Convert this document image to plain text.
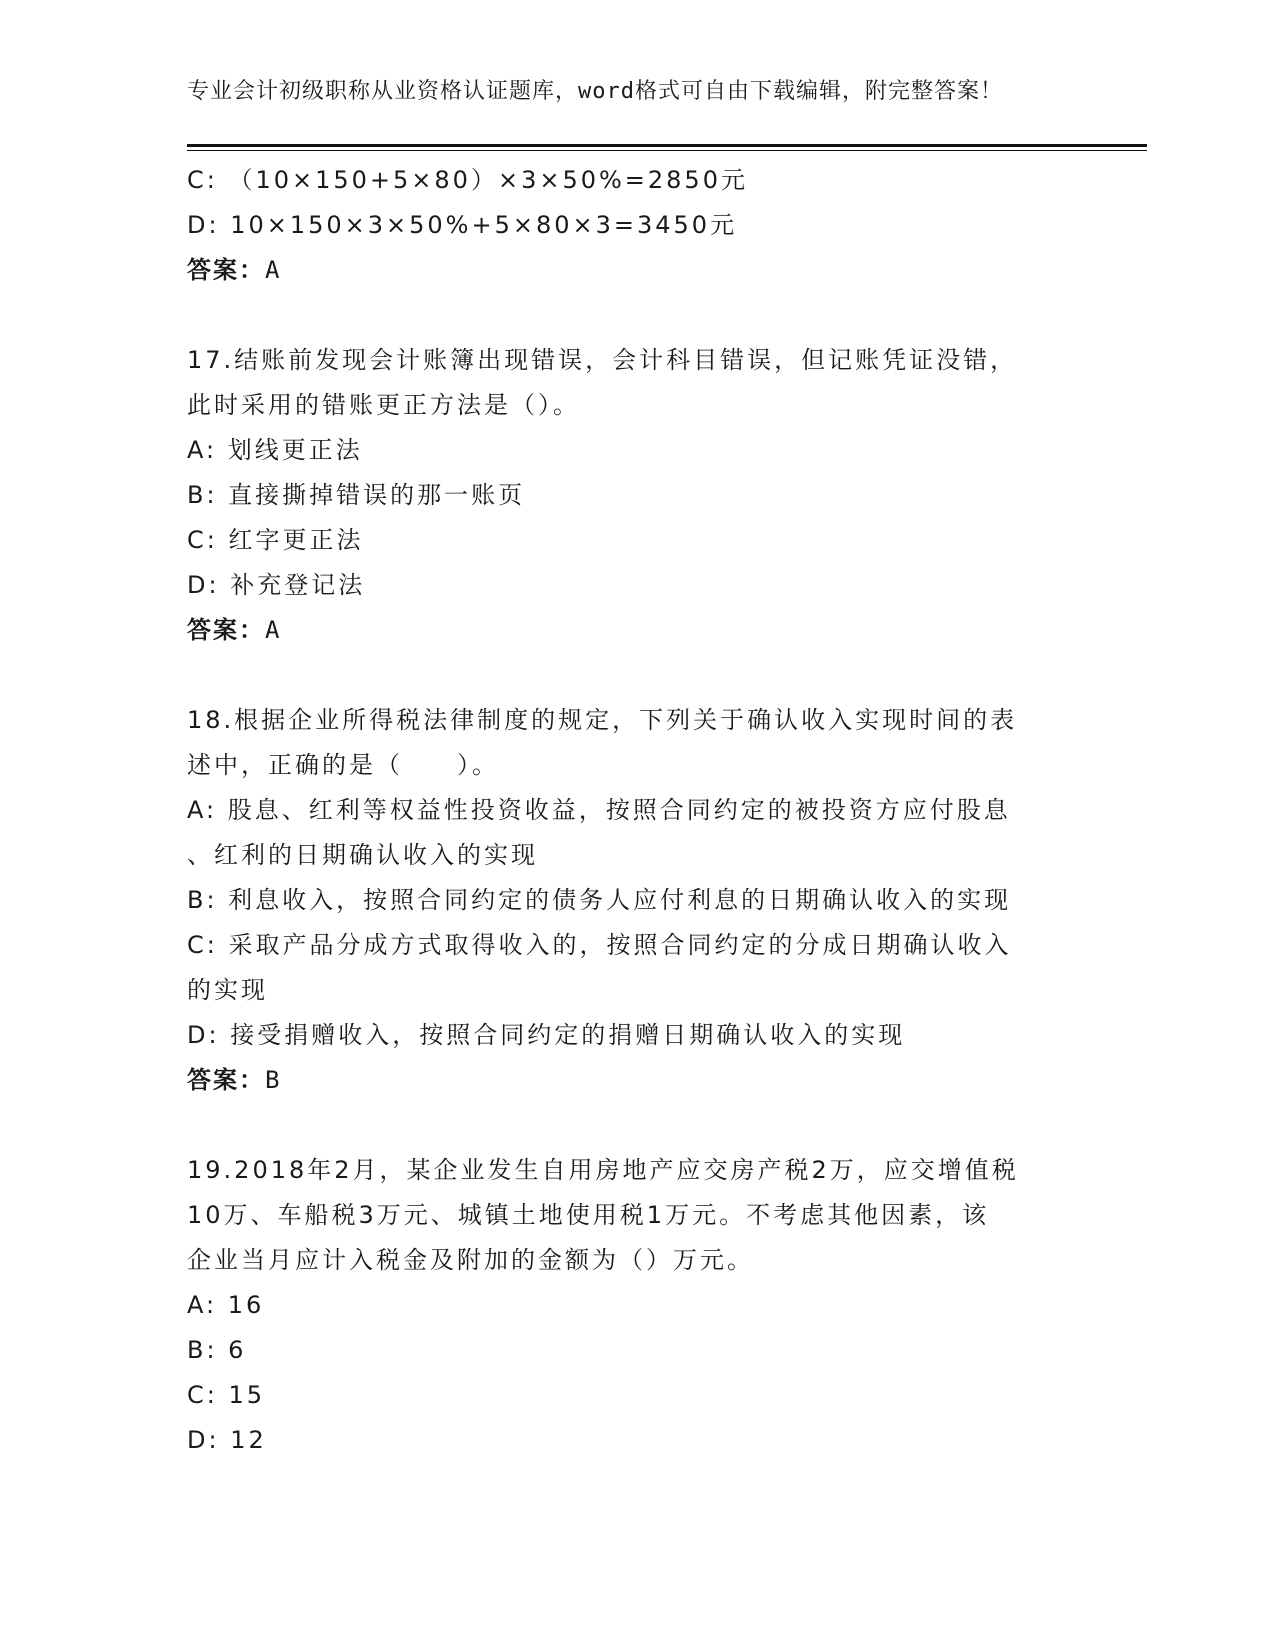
专业会计初级职称从业资格认证题库，word格式可自由下载编辑，附完整答案！
C: （10×150+5×80）×3×50%=2850元
D: 10×150×3×50%+5×80×3=3450元
答案：A
17.结账前发现会计账簿出现错误，会计科目错误，但记账凭证没错，
此时采用的错账更正方法是（）。
A: 划线更正法
B: 直接撕掉错误的那一账页
C: 红字更正法
D: 补充登记法
答案：A
18.根据企业所得税法律制度的规定，下列关于确认收入实现时间的表
述中，正确的是（　　）。
A: 股息、红利等权益性投资收益，按照合同约定的被投资方应付股息
、红利的日期确认收入的实现
B: 利息收入，按照合同约定的债务人应付利息的日期确认收入的实现
C: 采取产品分成方式取得收入的，按照合同约定的分成日期确认收入
的实现
D: 接受捐赠收入，按照合同约定的捐赠日期确认收入的实现
答案：B
19.2018年2月，某企业发生自用房地产应交房产税2万，应交增值税
10万、车船税3万元、城镇土地使用税1万元。不考虑其他因素，该
企业当月应计入税金及附加的金额为（）万元。
A: 16
B: 6
C: 15
D: 12
